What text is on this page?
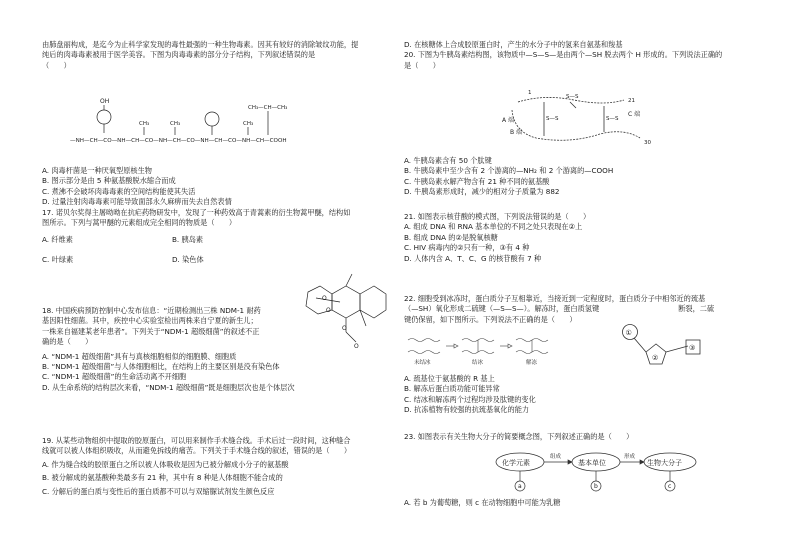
由肺盘丽构成，是迄今为止科学家发现的毒性最强的一种生物毒素。因其有较好的消除皱纹功能，提
纯后的肉毒毒素被用于医学美容。下图为肉毒毒素的部分分子结构，下列叙述错误的是
（　　）
OH
CH₃	CH₃	CH₃
CH₃—CH—CH₃
—NH—CH—CO—NH—CH—CO—NH—CH—CO—NH—CH—CO—NH—CH—COOH
A. 肉毒杆菌是一种厌氧型原核生物
B. 图示部分是由 5 种氨基酸脱水缩合而成
C. 煮沸不会破坏肉毒毒素的空间结构能使其失活
D. 过量注射肉毒毒素可能导致面部永久麻痹而失去自然表情
17. 诺贝尔奖得主屠呦呦在抗疟药物研发中，发现了一种药效高于青蒿素的衍生物蒿甲醚，结构如
图所示。下列与蒿甲醚的元素组成完全相同的物质是（　　）
A. 纤维素	B. 胰岛素
C. 叶绿素	D. 染色体
O
O
O
O
18. 中国疾病预防控制中心发布信息：“近期检测出三株 NDM-1 耐药
基因阳性细菌。其中，疾控中心实验室检出两株来自宁夏的新生儿；
一株来自福建某老年患者”。下列关于“NDM-1 超级细菌”的叙述不正
确的是（　　）
A. “NDM-1 超级细菌”具有与真核细胞相似的细胞膜、细胞质
B. “NDM-1 超级细菌”与人体细胞相比，在结构上的主要区别是没有染色体
C. “NDM-1 超级细菌”的生命活动离不开细胞
D. 从生命系统的结构层次来看，“NDM-1 超级细菌”既是细胞层次也是个体层次
19. 从某些动物组织中提取的胶原蛋白，可以用来制作手术缝合线。手术后过一段时间，这种缝合
线就可以被人体组织吸收，从而避免拆线的痛苦。下列关于手术缝合线的叙述，错误的是（　　）
A. 作为缝合线的胶原蛋白之所以被人体吸收是因为已被分解成小分子的氨基酸
B. 被分解成的氨基酸种类最多有 21 种，其中有 8 种是人体细胞不能合成的
C. 分解后的蛋白质与变性后的蛋白质都不可以与双缩脲试剂发生颜色反应
D. 在核糖体上合成胶原蛋白时，产生的水分子中的氢来自氨基和羧基
20. 下图为牛胰岛素结构图，该物质中—S—S—是由两个—SH 脱去两个 H 形成的。下列说法正确的
是（　　）
A 端
B 端
C 端
1
21
30
S—S
S—S	S—S
A. 牛胰岛素含有 50 个肽键
B. 牛胰岛素中至少含有 2 个游离的—NH₂ 和 2 个游离的—COOH
C. 牛胰岛素水解产物含有 21 种不同的氨基酸
D. 牛胰岛素形成时，减少的相对分子质量为 882
21. 如图表示核苷酸的模式图，下列说法错误的是（　　）
A. 组成 DNA 和 RNA 基本单位的不同之处只表现在②上
B. 组成 DNA 的②是脱氧核糖
C. HIV 病毒内的②只有一种，③有 4 种
D. 人体内含 A、T、C、G 的核苷酸有 7 种
22. 细胞受到冰冻时，蛋白质分子互相靠近，当接近到一定程度时，蛋白质分子中相邻近的巯基
（—SH）氧化形成二硫键（—S—S—）。解冻时，蛋白质氢键　　　　　　　　　　　断裂，二硫
键仍保留，如下图所示。下列说法不正确的是（　　）
未结冰	结冰	解冻
①
②
③
A. 巯基位于氨基酸的 R 基上
B. 解冻后蛋白质功能可能异常
C. 结冰和解冻两个过程均涉及肽键的变化
D. 抗冻植物有较强的抗巯基氧化的能力
23. 如图表示有关生物大分子的简要概念图，下列叙述正确的是（　　）
化学元素	基本单位	生物大分子
组成	形成
a	b	c
A. 若 b 为葡萄糖，则 c 在动物细胞中可能为乳糖
